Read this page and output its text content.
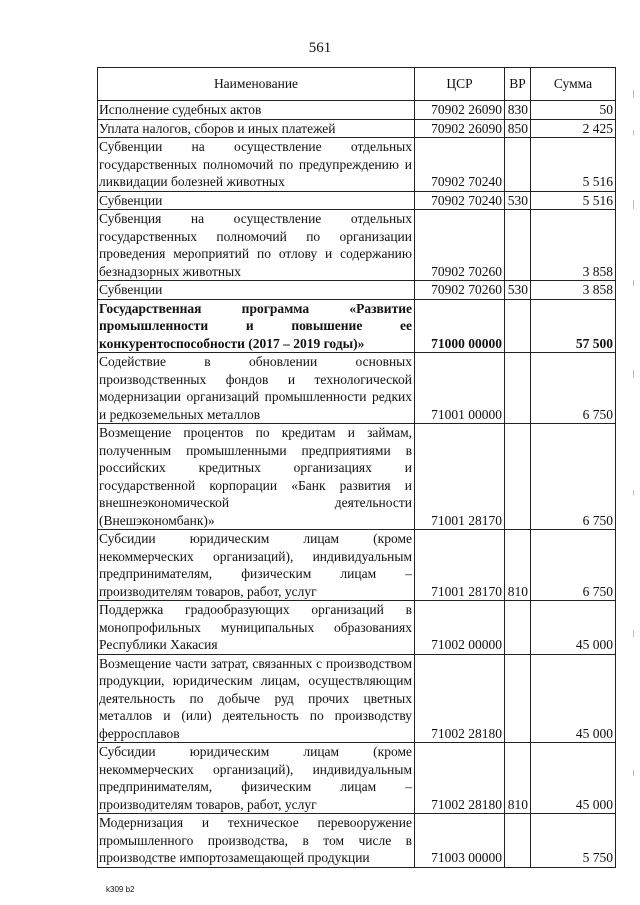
561
Наименование	ЦСР	ВР	Сумма
Исполнение судебных актов	70902 26090	830	50
Уплата налогов, сборов и иных платежей	70902 26090	850	2 425
Субвенции на осуществление отдельных государственных полномочий по предупреждению и ликвидации болезней животных	70902 70240		5 516
Субвенции	70902 70240	530	5 516
Субвенция на осуществление отдельных государственных полномочий по организации проведения мероприятий по отлову и содержанию безнадзорных животных	70902 70260		3 858
Субвенции	70902 70260	530	3 858
Государственная программа «Развитие промышленности и повышение ее конкурентоспособности (2017 – 2019 годы)»	71000 00000		57 500
Содействие в обновлении основных производственных фондов и технологической модернизации организаций промышленности редких и редкоземельных металлов	71001 00000		6 750
Возмещение процентов по кредитам и займам, полученным промышленными предприятиями в российских кредитных организациях и государственной корпорации «Банк развития и внешнеэкономической деятельности (Внешэкономбанк)»	71001 28170		6 750
Субсидии юридическим лицам (кроме некоммерческих организаций), индивидуальным предпринимателям, физическим лицам – производителям товаров, работ, услуг	71001 28170	810	6 750
Поддержка градообразующих организаций в монопрофильных муниципальных образованиях Республики Хакасия	71002 00000		45 000
Возмещение части затрат, связанных с производством продукции, юридическим лицам, осуществляющим деятельность по добыче руд прочих цветных металлов и (или) деятельность по производству ферросплавов	71002 28180		45 000
Субсидии юридическим лицам (кроме некоммерческих организаций), индивидуальным предпринимателям, физическим лицам – производителям товаров, работ, услуг	71002 28180	810	45 000
Модернизация и техническое перевооружение промышленного производства, в том числе в производстве импортозамещающей продукции	71003 00000		5 750
k309 b2
